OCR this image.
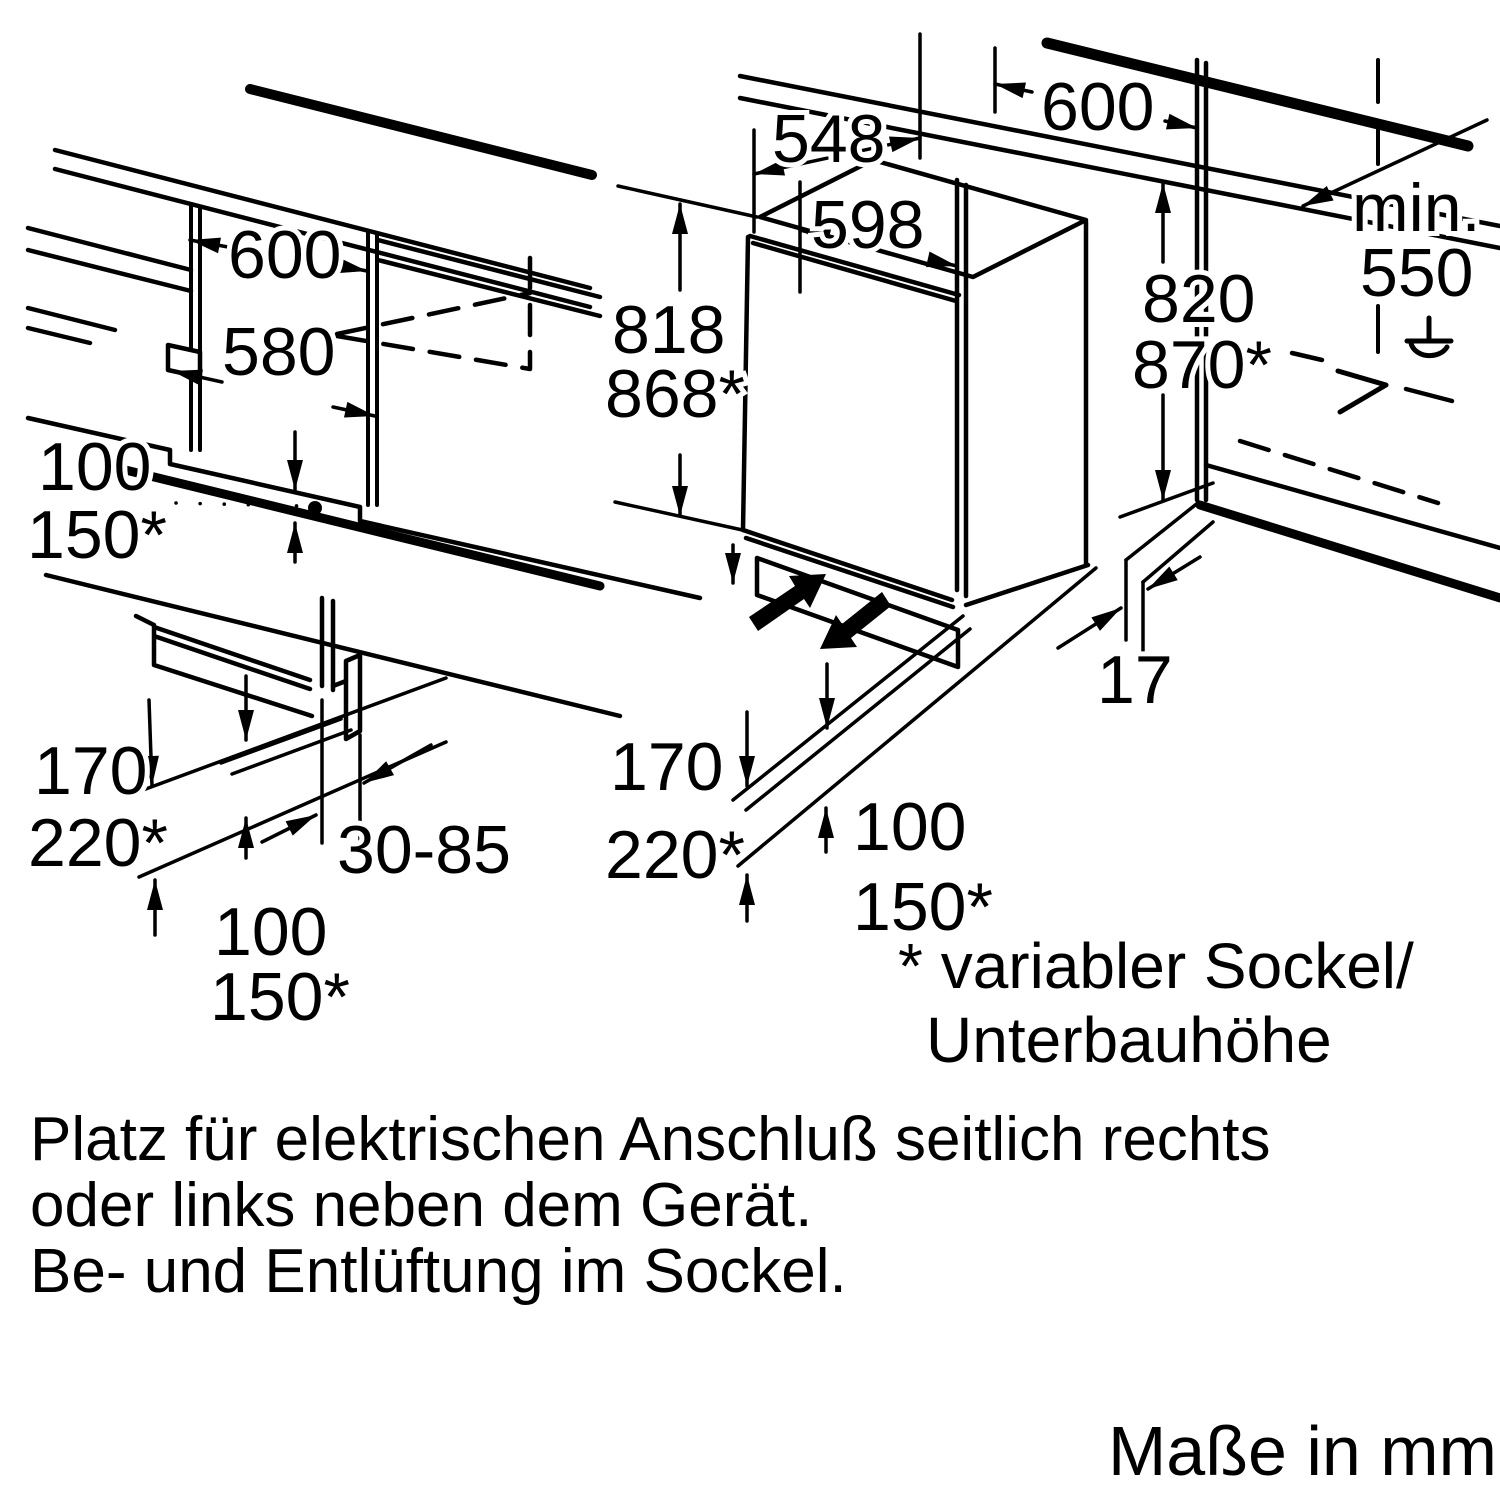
600
580
100
150*
170
220* 30-85
100
150*
548
598
600
min.
550
818
868*
820
870*
17
170
220* 100
150*
* variabler Sockel/
Unterbauhöhe
Platz für elektrischen Anschluß seitlich rechts
oder links neben dem Gerät.
Be- und Entlüftung im Sockel.
Maße in mm
